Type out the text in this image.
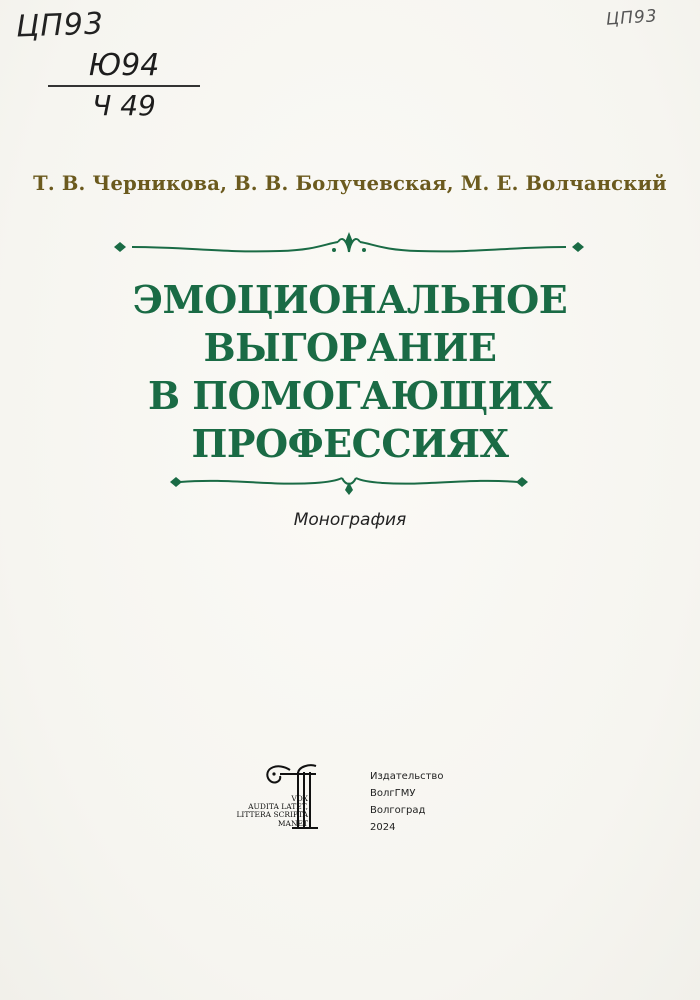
ЦП93	ЦП93
Ю94
Ч 49
Т. В. Черникова, В. В. Болучевская, М. Е. Волчанский
ЭМОЦИОНАЛЬНОЕ
ВЫГОРАНИЕ
В ПОМОГАЮЩИХ
ПРОФЕССИЯХ
Монография
VOX
AUDITA LATET,
LITTERA SCRIPTA
MANET
Издательство
ВолгГМУ
Волгоград
2024
